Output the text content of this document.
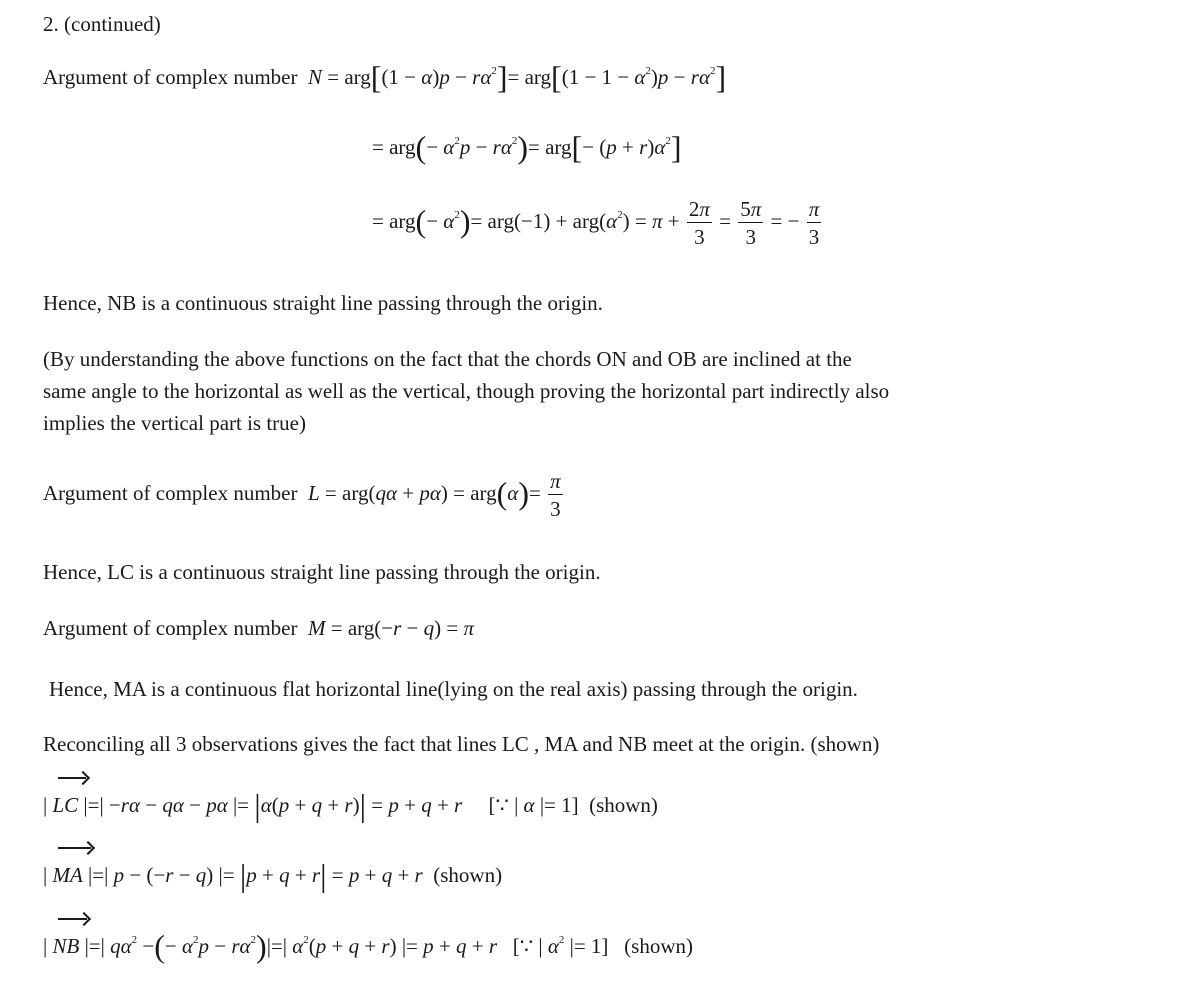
2. (continued)
Argument of complex number  $N = arg[(1 - \alpha)p - r\alpha^2]= arg[(1 - 1 - \alpha^2)p - r\alpha^2]$
= $arg(- \alpha^2p - r\alpha^2)= arg[- (p + r)\alpha^2]$
= $arg(- \alpha^2)= arg(-1) + arg(\alpha^2) = \pi + \frac{2\pi}{3} = \frac{5\pi}{3}$ = − $\frac{\pi}{3}$
Hence, NB is a continuous straight line passing through the origin.
(By understanding the above functions on the fact that the chords ON and OB are inclined at the
same angle to the horizontal as well as the vertical, though proving the horizontal part indirectly also
implies the vertical part is true)
Argument of complex number  $L = arg(q\alpha + p\alpha) = arg(\alpha)= \frac{\pi}{3}$
Hence, LC is a continuous straight line passing through the origin.
Argument of complex number  M = arg(−r − q) = π
Hence, MA is a continuous flat horizontal line(lying on the real axis) passing through the origin.
Reconciling all 3 observations gives the fact that lines LC , MA and NB meet at the origin. (shown)
| LC
|=| −rα − qα − pα |= |α(p + q + r)| = p + q + r     [∵ | α |= 1]  (shown)
| MA
|=| p − (−r − q) |= |p + q + r| = p + q + r  (shown)
| NB
|=| $q\alpha^2$ −(− $\alpha^2p - r\alpha^2)|=|$ $\alpha^2(p + q + r)$ |= p + q + r   [∵ | $\alpha^2$ |= 1]   (shown)
